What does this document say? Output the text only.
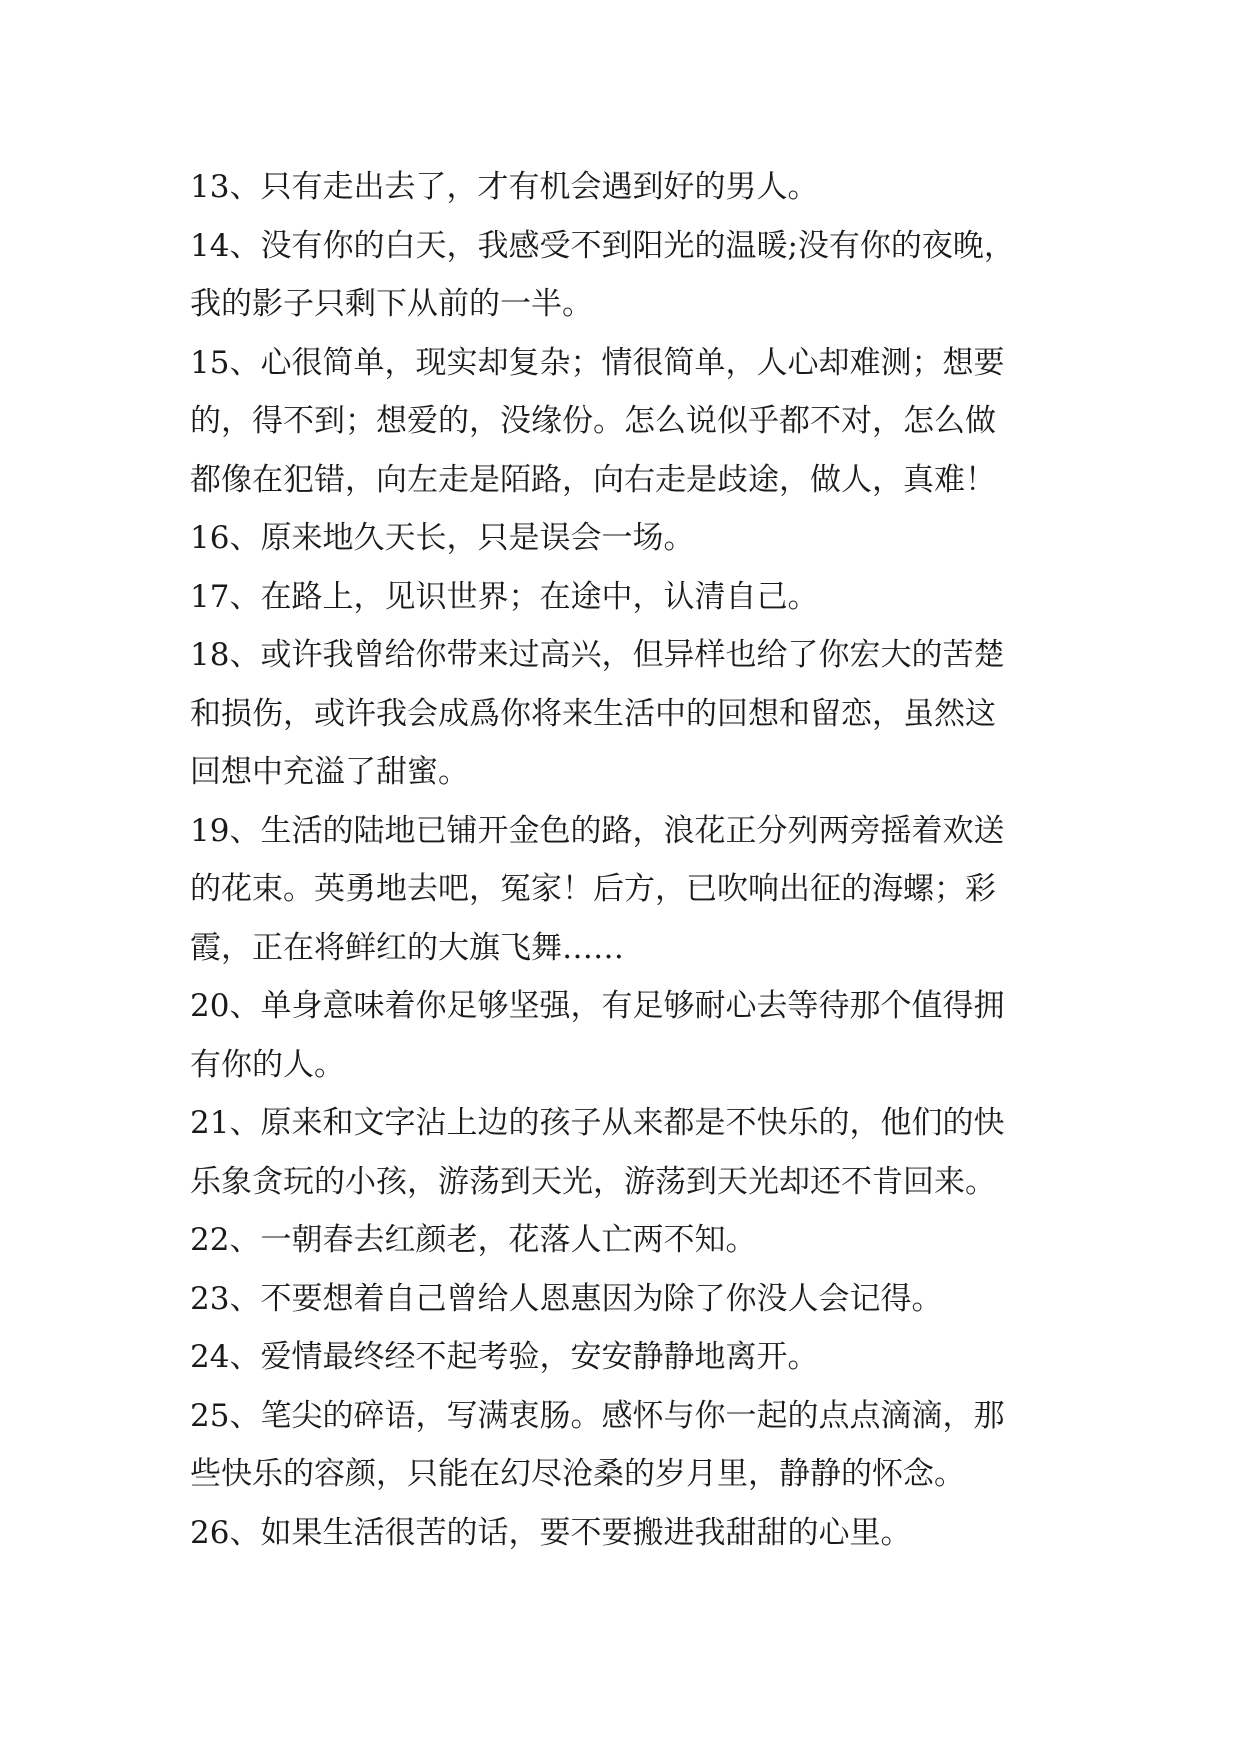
13、只有走出去了，才有机会遇到好的男人。
14、没有你的白天，我感受不到阳光的温暖;没有你的夜晚，
我的影子只剩下从前的一半。
15、心很简单，现实却复杂；情很简单，人心却难测；想要
的，得不到；想爱的，没缘份。怎么说似乎都不对，怎么做
都像在犯错，向左走是陌路，向右走是歧途，做人，真难！
16、原来地久天长，只是误会一场。
17、在路上，见识世界；在途中，认清自己。
18、或许我曾给你带来过高兴，但异样也给了你宏大的苦楚
和损伤，或许我会成爲你将来生活中的回想和留恋，虽然这
回想中充溢了甜蜜。
19、生活的陆地已铺开金色的路，浪花正分列两旁摇着欢送
的花束。英勇地去吧，冤家！后方，已吹响出征的海螺；彩
霞，正在将鲜红的大旗飞舞……
20、单身意味着你足够坚强，有足够耐心去等待那个值得拥
有你的人。
21、原来和文字沾上边的孩子从来都是不快乐的，他们的快
乐象贪玩的小孩，游荡到天光，游荡到天光却还不肯回来。
22、一朝春去红颜老，花落人亡两不知。
23、不要想着自己曾给人恩惠因为除了你没人会记得。
24、爱情最终经不起考验，安安静静地离开。
25、笔尖的碎语，写满衷肠。感怀与你一起的点点滴滴，那
些快乐的容颜，只能在幻尽沧桑的岁月里，静静的怀念。
26、如果生活很苦的话，要不要搬进我甜甜的心里。
